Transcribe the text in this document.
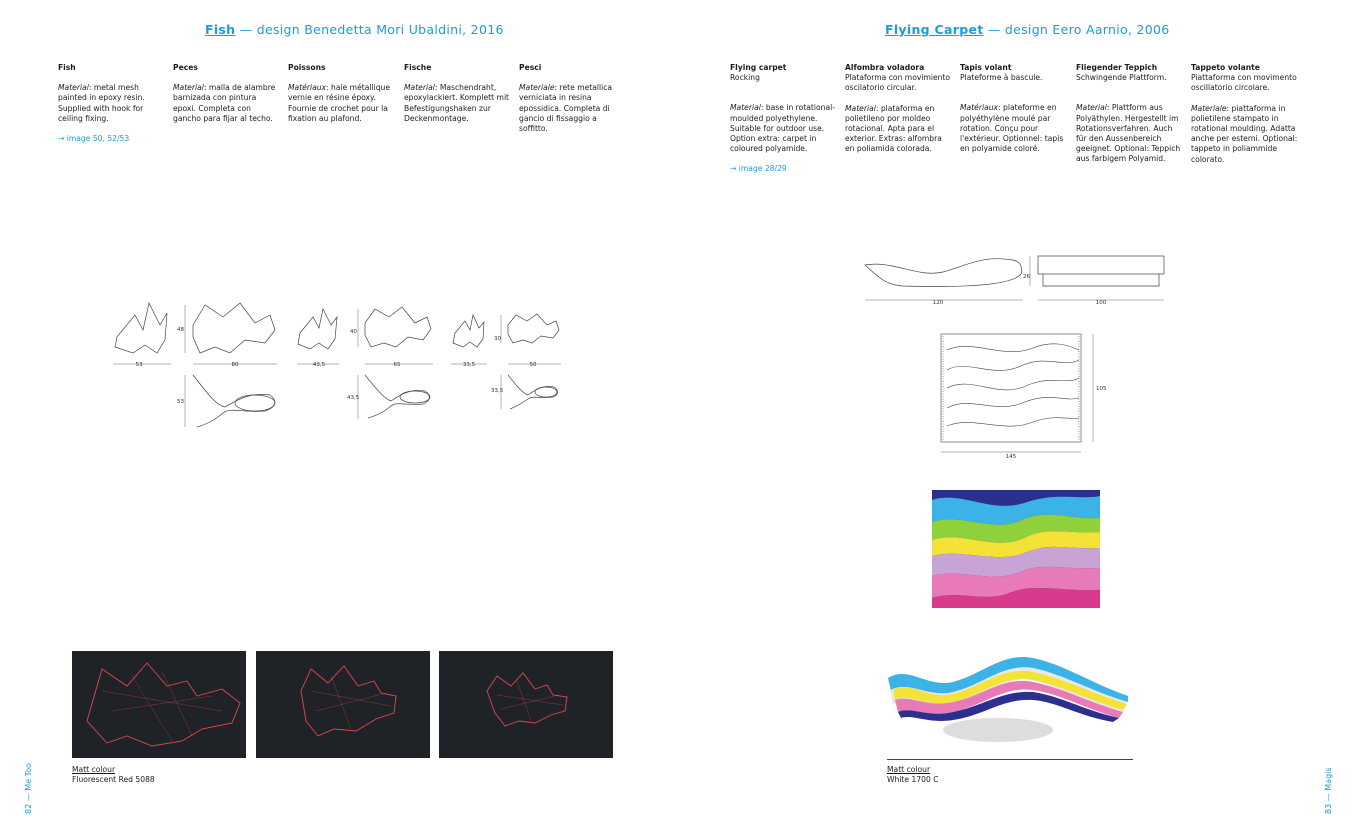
Fish — design Benedetta Mori Ubaldini, 2016
Fish
Material: metal mesh painted in epoxy resin. Supplied with hook for ceiling fixing.
→ image 50, 52/53
Peces
Material: malla de alambre barnizada con pintura epoxi. Completa con gancho para fijar al techo.
Poissons
Matériaux: haie métallique vernie en résine époxy. Fournie de crochet pour la fixation au plafond.
Fische
Material: Maschendraht, epoxylackiert. Komplett mit Befestigungshaken zur Deckenmontage.
Pesci
Materiale: rete metallica verniciata in resina epossidica. Completa di gancio di fissaggio a soffitto.
53
48
80
53
43,5
40
65
43,5
33,5
30
50
33,5
Matt colour
Fluorescent Red 5088
82 — Me Too
Flying Carpet — design Eero Aarnio, 2006
Flying carpet
Rocking
Material: base in rotational-moulded polyethylene. Suitable for outdoor use. Option extra: carpet in coloured polyamide.
→ image 28/29
Alfombra voladora
Plataforma con movimiento oscilatorio circular.
Material: plataforma en polietileno por moldeo rotacional. Apta para el exterior. Extras: alfombra en poliamida colorada.
Tapis volant
Plateforme à bascule.
Matériaux: plateforme en polyéthylène moulé par rotation. Conçu pour l'extérieur. Optionnel: tapis en polyamide coloré.
Fliegender Teppich
Schwingende Plattform.
Material: Plattform aus Polyäthylen. Hergestellt im Rotationsverfahren. Auch für den Aussenbereich geeignet. Optional: Teppich aus farbigem Polyamid.
Tappeto volante
Piattaforma con movimento oscillatorio circolare.
Materiale: piattaforma in polietilene stampato in rotational moulding. Adatta anche per esterni. Optional: tappeto in poliammide colorato.
120
26
100
105
145
Matt colour
White 1700 C	83 — Magis
